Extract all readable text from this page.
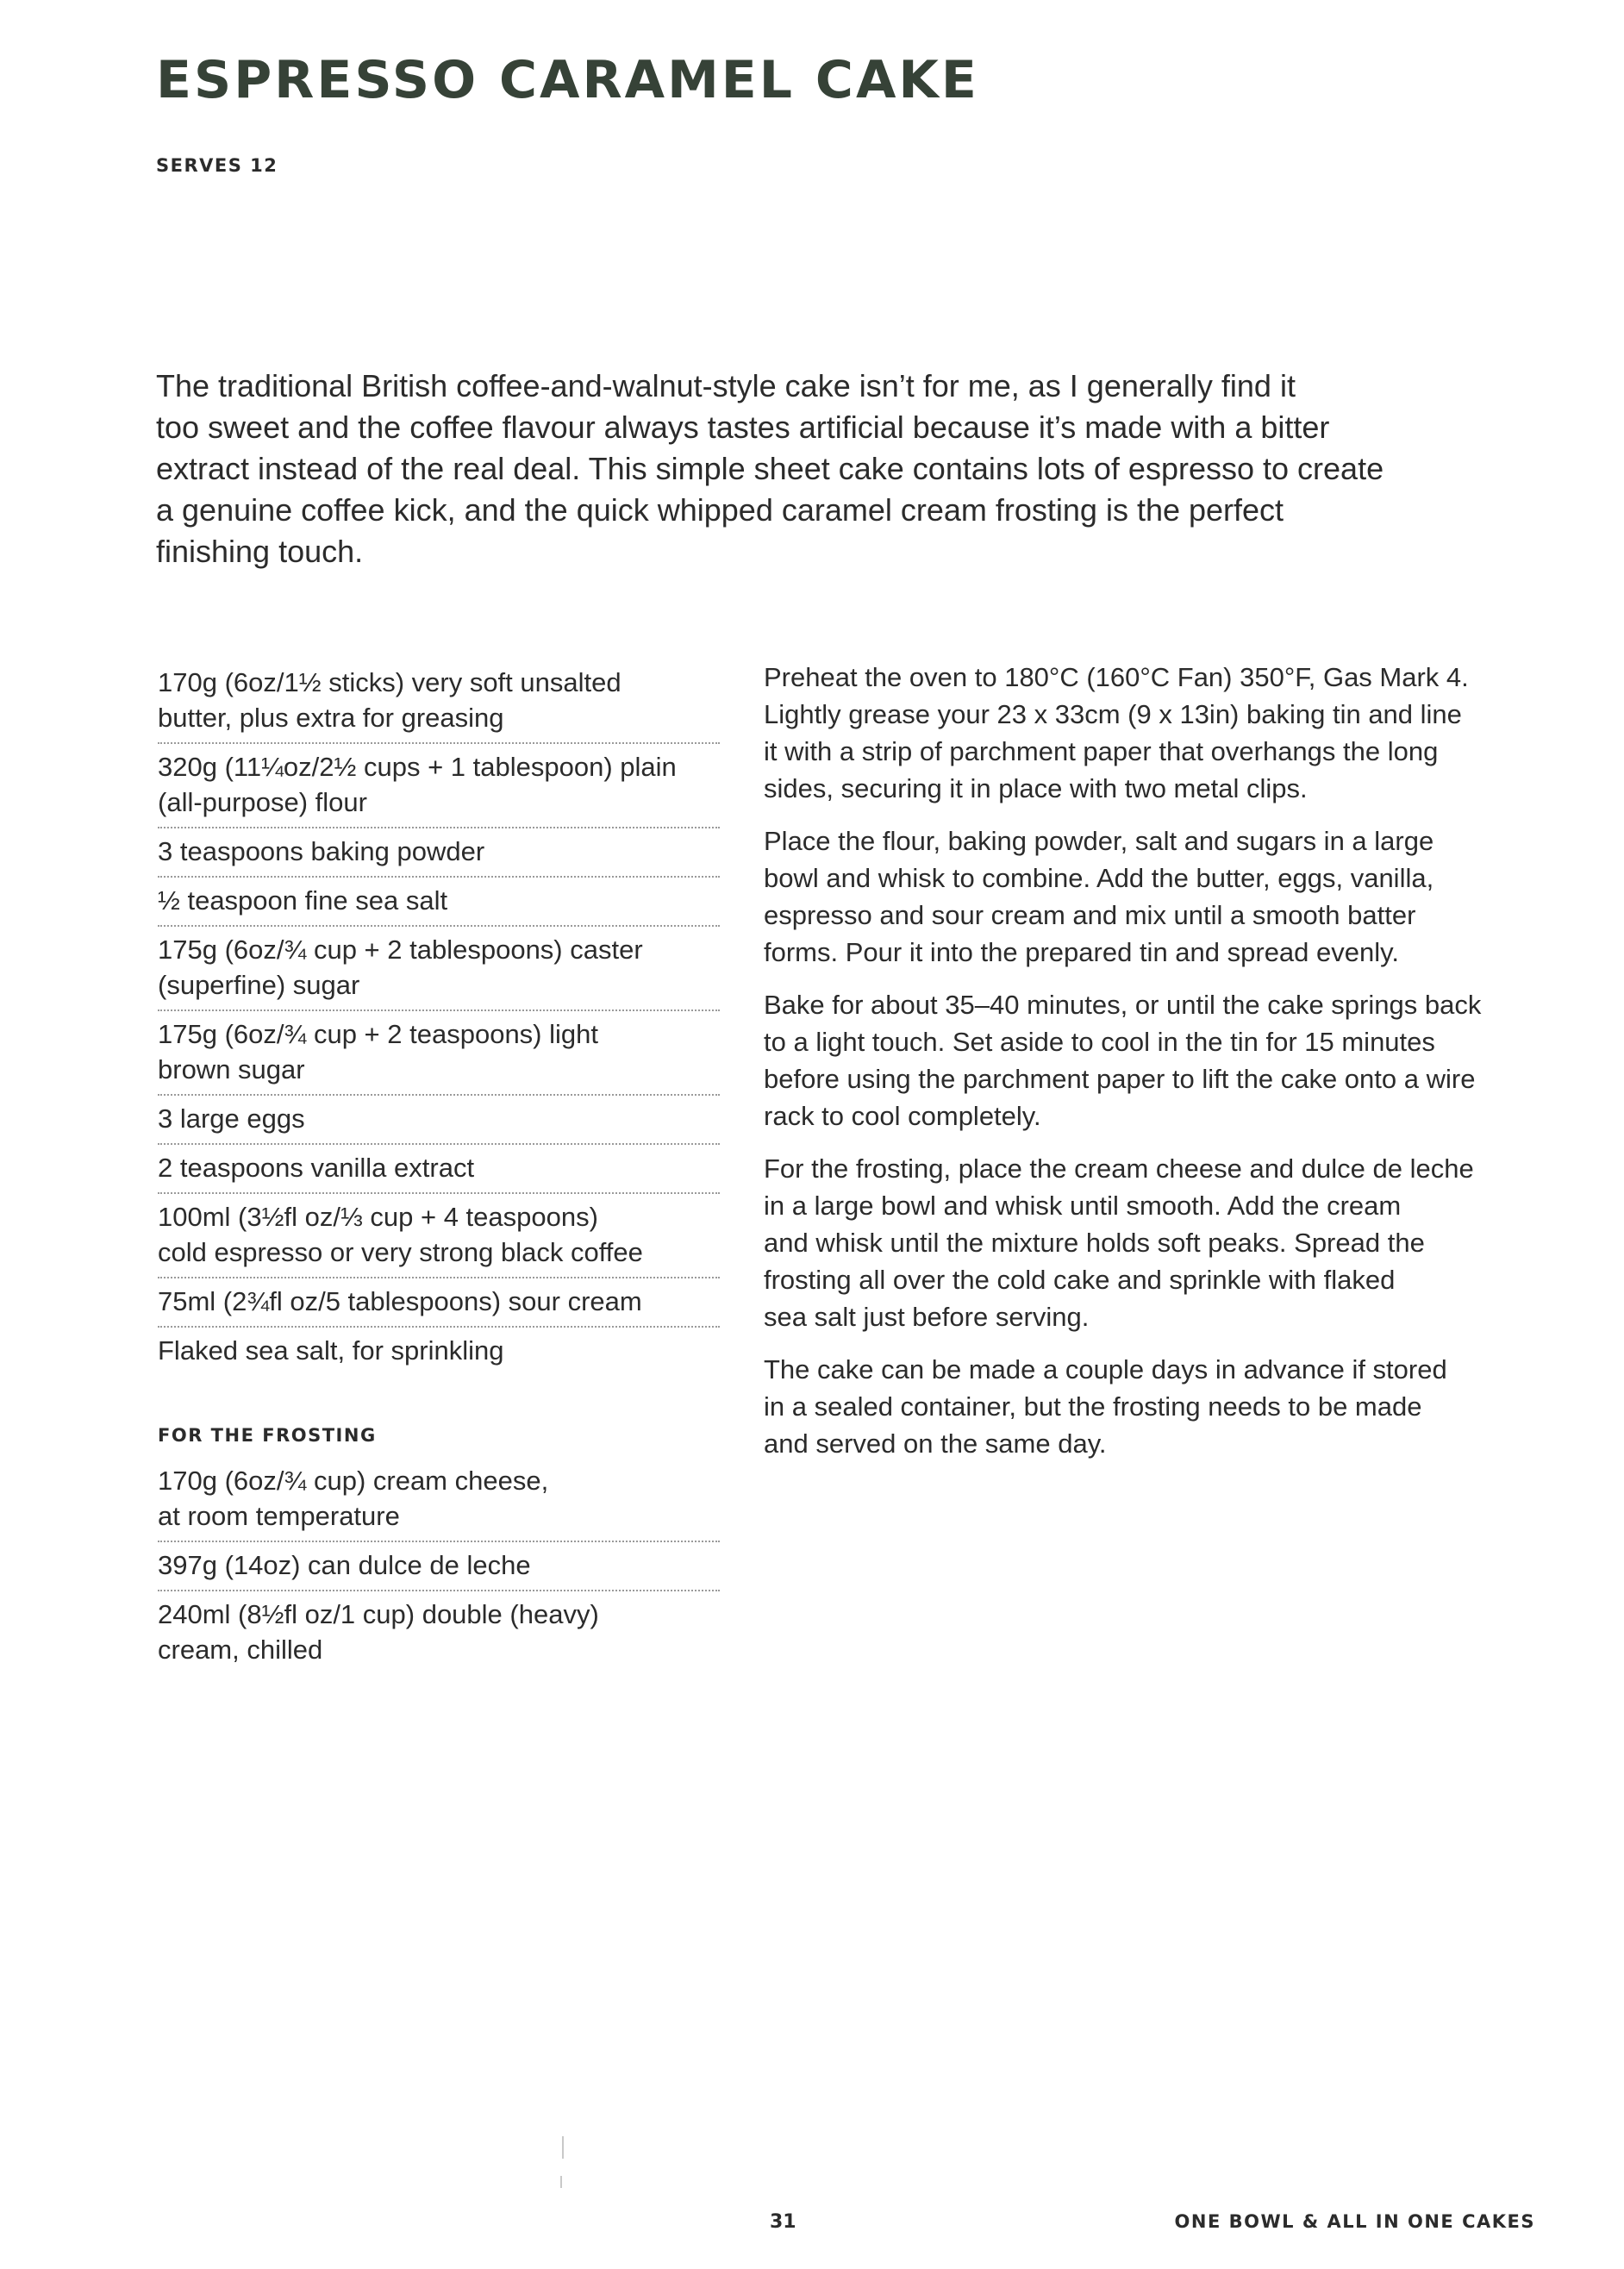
ESPRESSO CARAMEL CAKE
SERVES 12

The traditional British coffee-and-walnut-style cake isn’t for me, as I generally find it
too sweet and the coffee flavour always tastes artificial because it’s made with a bitter
extract instead of the real deal. This simple sheet cake contains lots of espresso to create
a genuine coffee kick, and the quick whipped caramel cream frosting is the perfect
finishing touch.

170g (6oz/1½ sticks) very soft unsalted
butter, plus extra for greasing
320g (11¼oz/2½ cups + 1 tablespoon) plain
(all-purpose) flour
3 teaspoons baking powder
½ teaspoon fine sea salt
175g (6oz/¾ cup + 2 tablespoons) caster
(superfine) sugar
175g (6oz/¾ cup + 2 teaspoons) light
brown sugar
3 large eggs
2 teaspoons vanilla extract
100ml (3½fl oz/⅓ cup + 4 teaspoons)
cold espresso or very strong black coffee
75ml (2¾fl oz/5 tablespoons) sour cream
Flaked sea salt, for sprinkling
FOR THE FROSTING
170g (6oz/¾ cup) cream cheese,
at room temperature
397g (14oz) can dulce de leche
240ml (8½fl oz/1 cup) double (heavy)
cream, chilled

Preheat the oven to 180°C (160°C Fan) 350°F, Gas Mark 4.
Lightly grease your 23 x 33cm (9 x 13in) baking tin and line
it with a strip of parchment paper that overhangs the long
sides, securing it in place with two metal clips.

Place the flour, baking powder, salt and sugars in a large
bowl and whisk to combine. Add the butter, eggs, vanilla,
espresso and sour cream and mix until a smooth batter
forms. Pour it into the prepared tin and spread evenly.

Bake for about 35–40 minutes, or until the cake springs back
to a light touch. Set aside to cool in the tin for 15 minutes
before using the parchment paper to lift the cake onto a wire
rack to cool completely.

For the frosting, place the cream cheese and dulce de leche
in a large bowl and whisk until smooth. Add the cream
and whisk until the mixture holds soft peaks. Spread the
frosting all over the cold cake and sprinkle with flaked
sea salt just before serving.

The cake can be made a couple days in advance if stored
in a sealed container, but the frosting needs to be made
and served on the same day.

31	ONE BOWL & ALL IN ONE CAKES
